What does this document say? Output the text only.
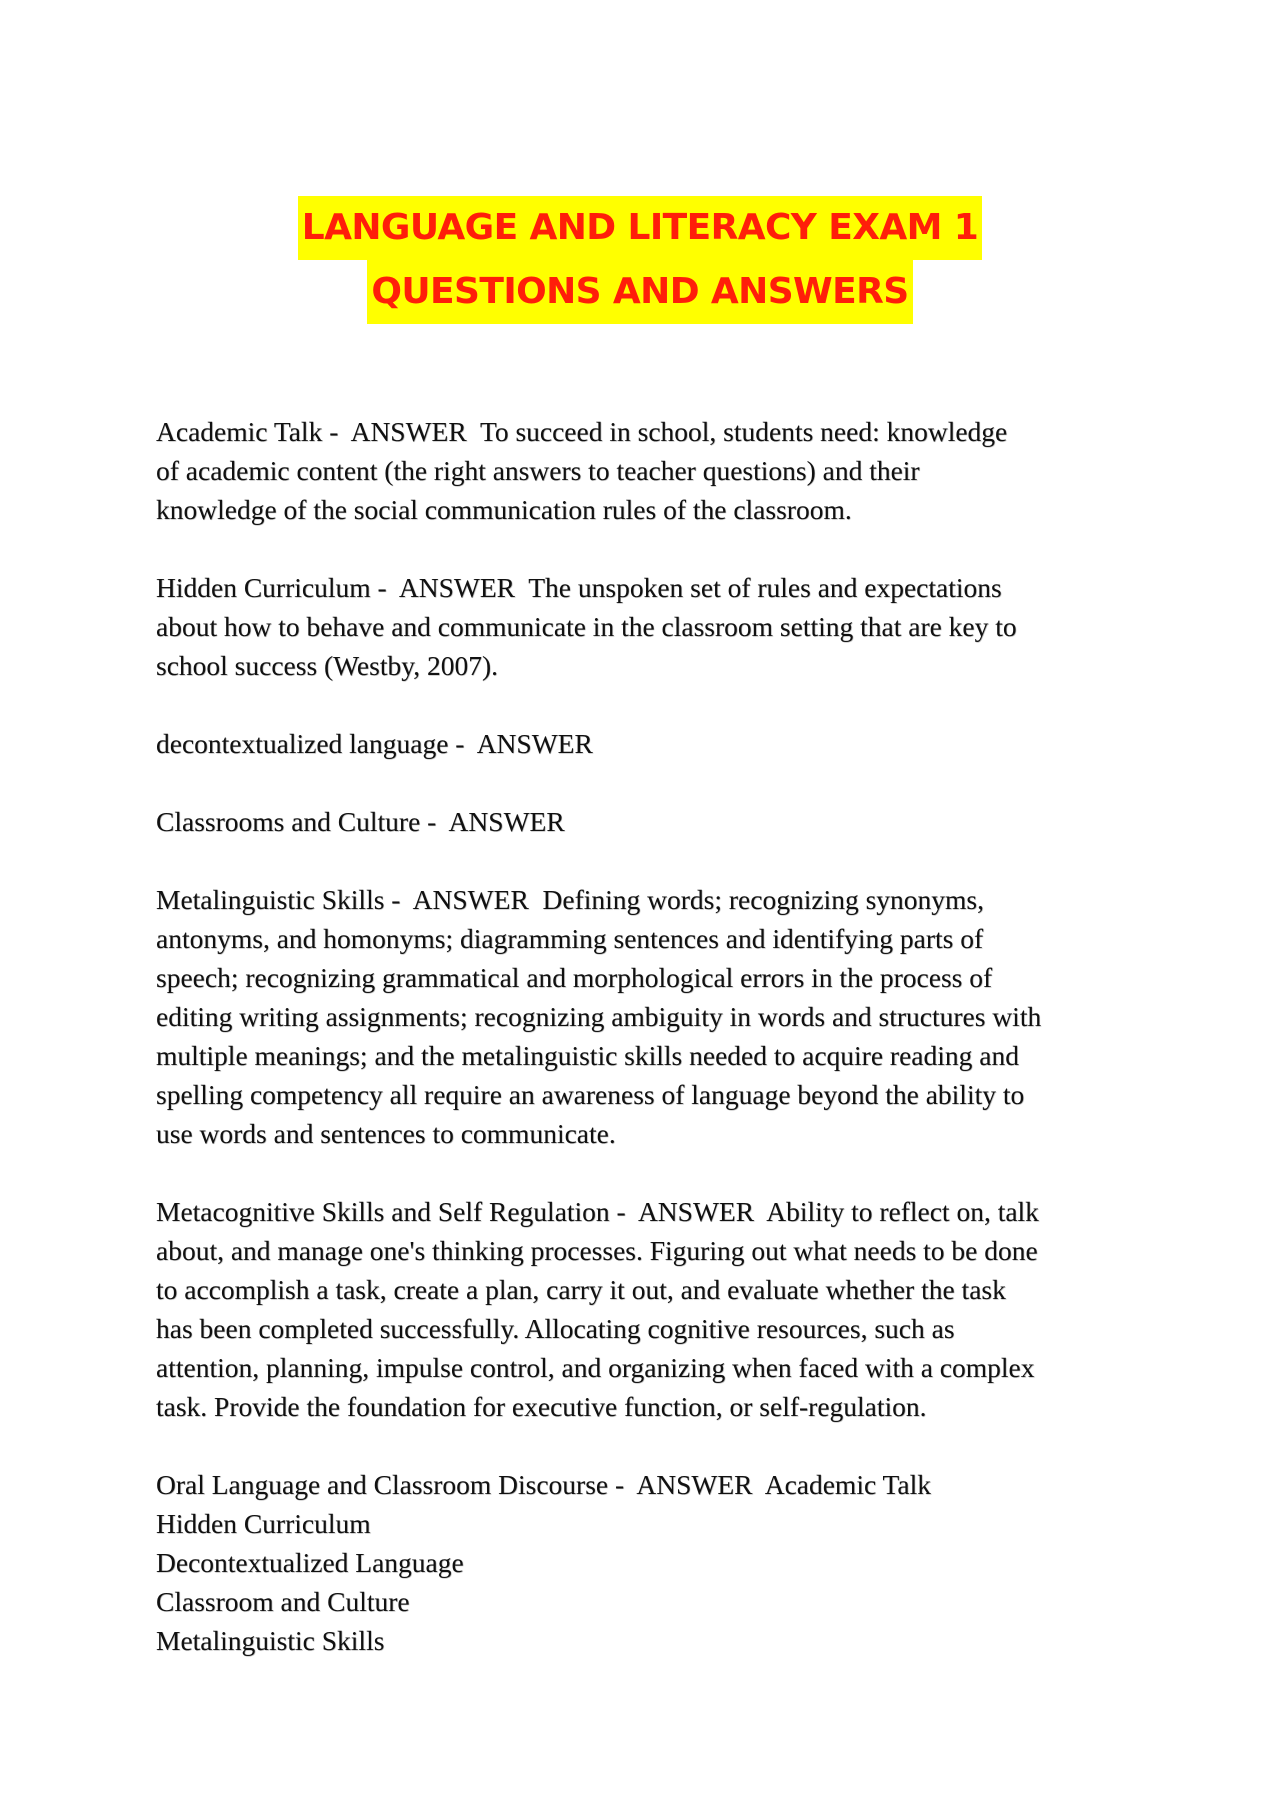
LANGUAGE AND LITERACY EXAM 1
QUESTIONS AND ANSWERS
Academic Talk -  ANSWER  To succeed in school, students need: knowledge
of academic content (the right answers to teacher questions) and their
knowledge of the social communication rules of the classroom.
Hidden Curriculum -  ANSWER  The unspoken set of rules and expectations
about how to behave and communicate in the classroom setting that are key to
school success (Westby, 2007).
decontextualized language -  ANSWER
Classrooms and Culture -  ANSWER
Metalinguistic Skills -  ANSWER  Defining words; recognizing synonyms,
antonyms, and homonyms; diagramming sentences and identifying parts of
speech; recognizing grammatical and morphological errors in the process of
editing writing assignments; recognizing ambiguity in words and structures with
multiple meanings; and the metalinguistic skills needed to acquire reading and
spelling competency all require an awareness of language beyond the ability to
use words and sentences to communicate.
Metacognitive Skills and Self Regulation -  ANSWER  Ability to reflect on, talk
about, and manage one's thinking processes. Figuring out what needs to be done
to accomplish a task, create a plan, carry it out, and evaluate whether the task
has been completed successfully. Allocating cognitive resources, such as
attention, planning, impulse control, and organizing when faced with a complex
task. Provide the foundation for executive function, or self-regulation.
Oral Language and Classroom Discourse -  ANSWER  Academic Talk
Hidden Curriculum
Decontextualized Language
Classroom and Culture
Metalinguistic Skills
